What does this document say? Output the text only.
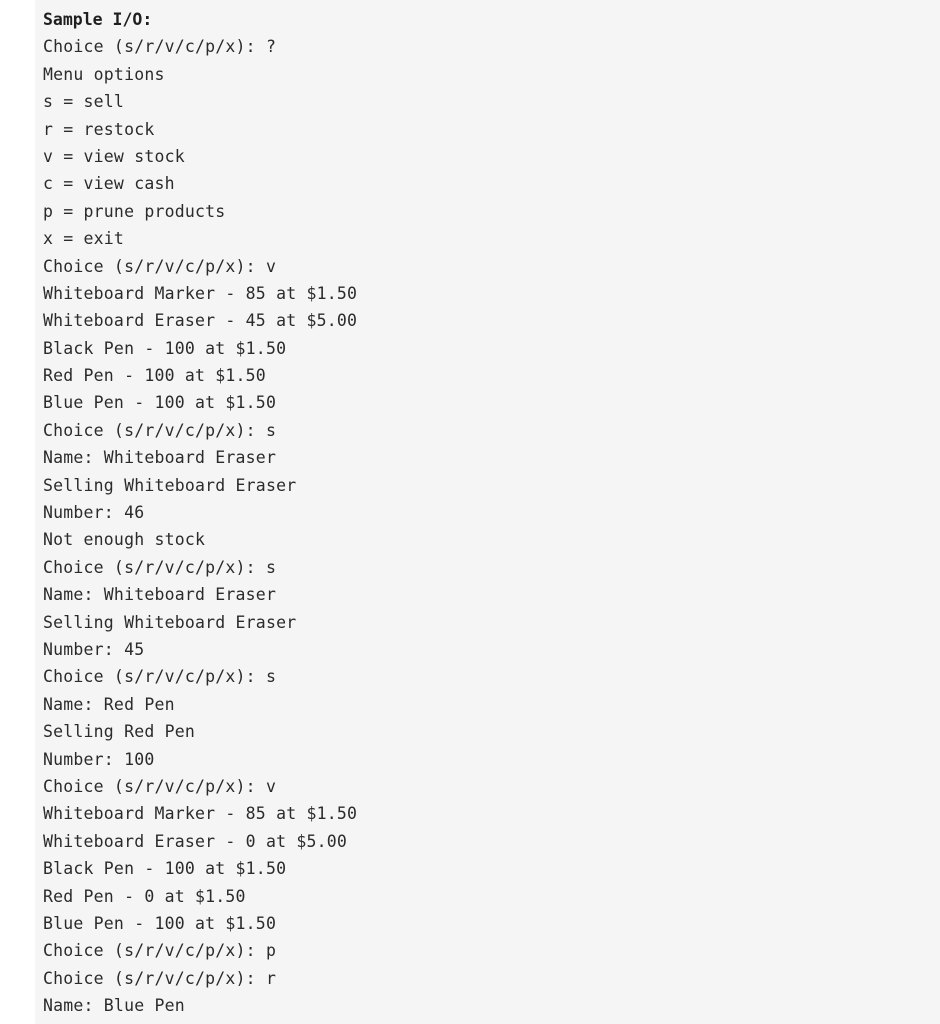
Sample I/O:
Choice (s/r/v/c/p/x): ?
Menu options
s = sell
r = restock
v = view stock
c = view cash
p = prune products
x = exit
Choice (s/r/v/c/p/x): v
Whiteboard Marker - 85 at $1.50
Whiteboard Eraser - 45 at $5.00
Black Pen - 100 at $1.50
Red Pen - 100 at $1.50
Blue Pen - 100 at $1.50
Choice (s/r/v/c/p/x): s
Name: Whiteboard Eraser
Selling Whiteboard Eraser
Number: 46
Not enough stock
Choice (s/r/v/c/p/x): s
Name: Whiteboard Eraser
Selling Whiteboard Eraser
Number: 45
Choice (s/r/v/c/p/x): s
Name: Red Pen
Selling Red Pen
Number: 100
Choice (s/r/v/c/p/x): v
Whiteboard Marker - 85 at $1.50
Whiteboard Eraser - 0 at $5.00
Black Pen - 100 at $1.50
Red Pen - 0 at $1.50
Blue Pen - 100 at $1.50
Choice (s/r/v/c/p/x): p
Choice (s/r/v/c/p/x): r
Name: Blue Pen
